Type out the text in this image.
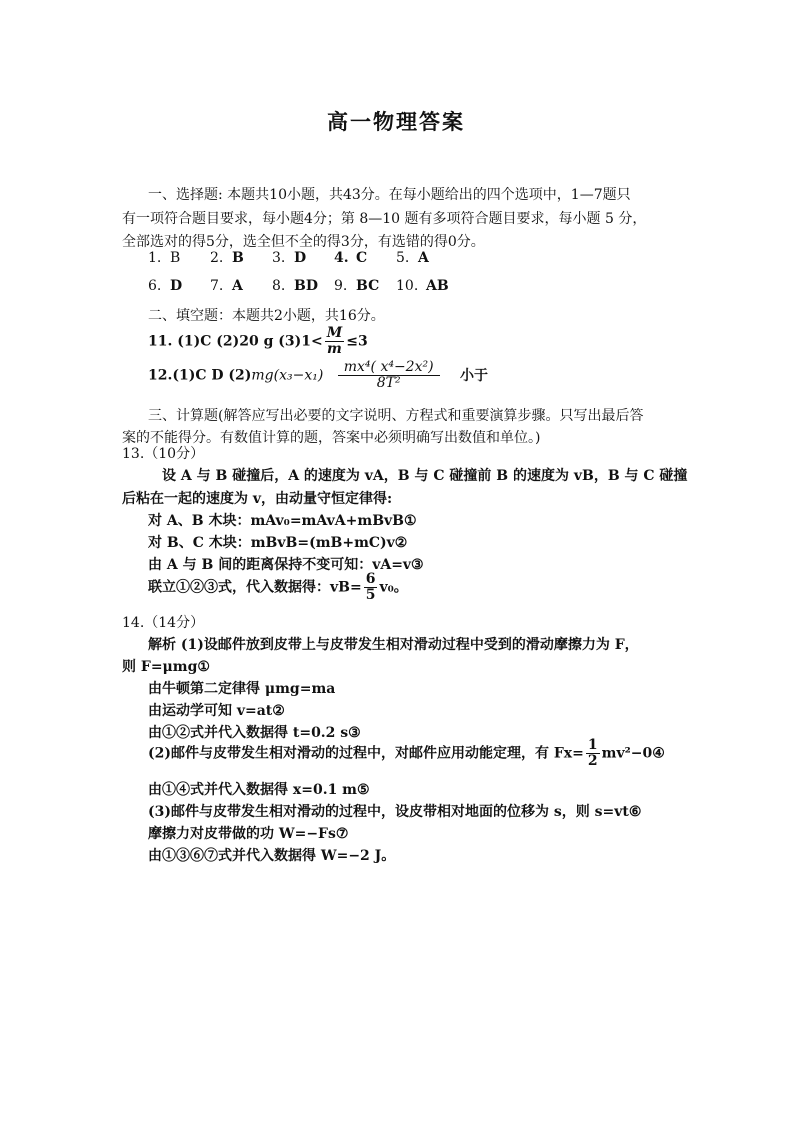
高一物理答案
一、选择题: 本题共10小题，共43分。在每小题给出的四个选项中，1—7题只
有一项符合题目要求，每小题4分；第 8—10 题有多项符合题目要求，每小题 5 分，
全部选对的得5分，选全但不全的得3分，有选错的得0分。
1. B 2. B 3. D 4. C 5. A
6. D 7. A 8. BD 9. BC 10. AB
二、填空题：本题共2小题，共16分。
11. (1)C (2)20 g $(3)1< \frac{M}{m} \le 3$
12.(1)C D $(2)mg(x_3-x_1) \frac{\text{mx⁴( x⁴−2x²)}}{\text{8T²}}$ 小于
三、计算题(解答应写出必要的文字说明、方程式和重要演算步骤。只写出最后答
案的不能得分。有数值计算的题，答案中必须明确写出数值和单位。)
13.（10分）
设 A 与 B 碰撞后，A 的速度为 vA，B 与 C 碰撞前 B 的速度为 vB，B 与 C 碰撞
后粘在一起的速度为 v，由动量守恒定律得:
对 A、B 木块：mAv₀=mAvA+mBvB①
对 B、C 木块：mBvB=(mB+mC)v②
由 A 与 B 间的距离保持不变可知：vA=v③
联立①②③式，代入数据得：$vB= \frac{6}{5} v_0$。
14.（14分）
解析 (1)设邮件放到皮带上与皮带发生相对滑动过程中受到的滑动摩擦力为 F，
则 F=μmg①
由牛顿第二定律得 μmg=ma
由运动学可知 v=at②
由①②式并代入数据得 t=0.2 s③
(2)邮件与皮带发生相对滑动的过程中，对邮件应用动能定理，有 $Fx= \frac{1}{2}$ mv²−0④
由①④式并代入数据得 x=0.1 m⑤
(3)邮件与皮带发生相对滑动的过程中，设皮带相对地面的位移为 s，则 s=vt⑥
摩擦力对皮带做的功 W=−Fs⑦
由①③⑥⑦式并代入数据得 W=−2 J。
